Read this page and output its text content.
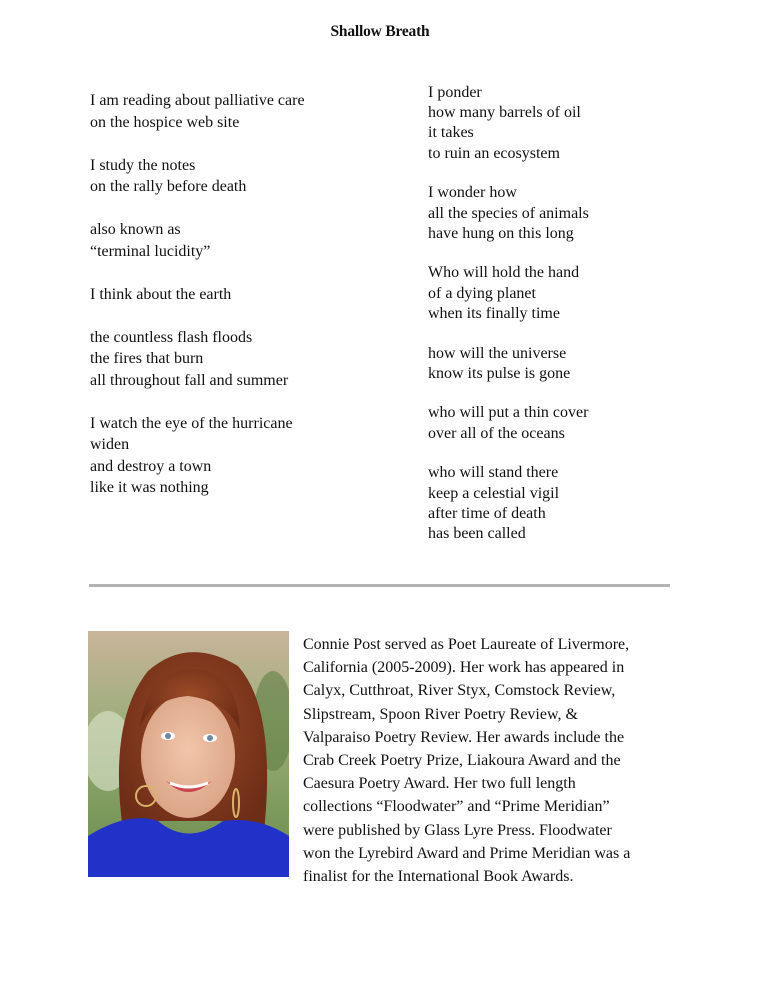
Shallow Breath
I am reading about palliative care
on the hospice web site
I study the notes
on the rally before death
also known as
“terminal lucidity”
I think about the earth
the countless flash floods
the fires that burn
all throughout fall and summer
I watch the eye of the hurricane
widen
and destroy a town
like it was nothing
I ponder
how many barrels of oil
it takes
to ruin an ecosystem
I wonder how
all the species of animals
have hung on this long
Who will hold the hand
of a dying planet
when its finally time
how will the universe
know its pulse is gone
who will put a thin cover
over all of the oceans
who will stand there
keep a celestial vigil
after time of death
has been called
Connie Post served as Poet Laureate of Livermore,
California (2005-2009). Her work has appeared in
Calyx, Cutthroat, River Styx, Comstock Review,
Slipstream, Spoon River Poetry Review, &
Valparaiso Poetry Review. Her awards include the
Crab Creek Poetry Prize, Liakoura Award and the
Caesura Poetry Award. Her two full length
collections “Floodwater” and “Prime Meridian”
were published by Glass Lyre Press. Floodwater
won the Lyrebird Award and Prime Meridian was a
finalist for the International Book Awards.
